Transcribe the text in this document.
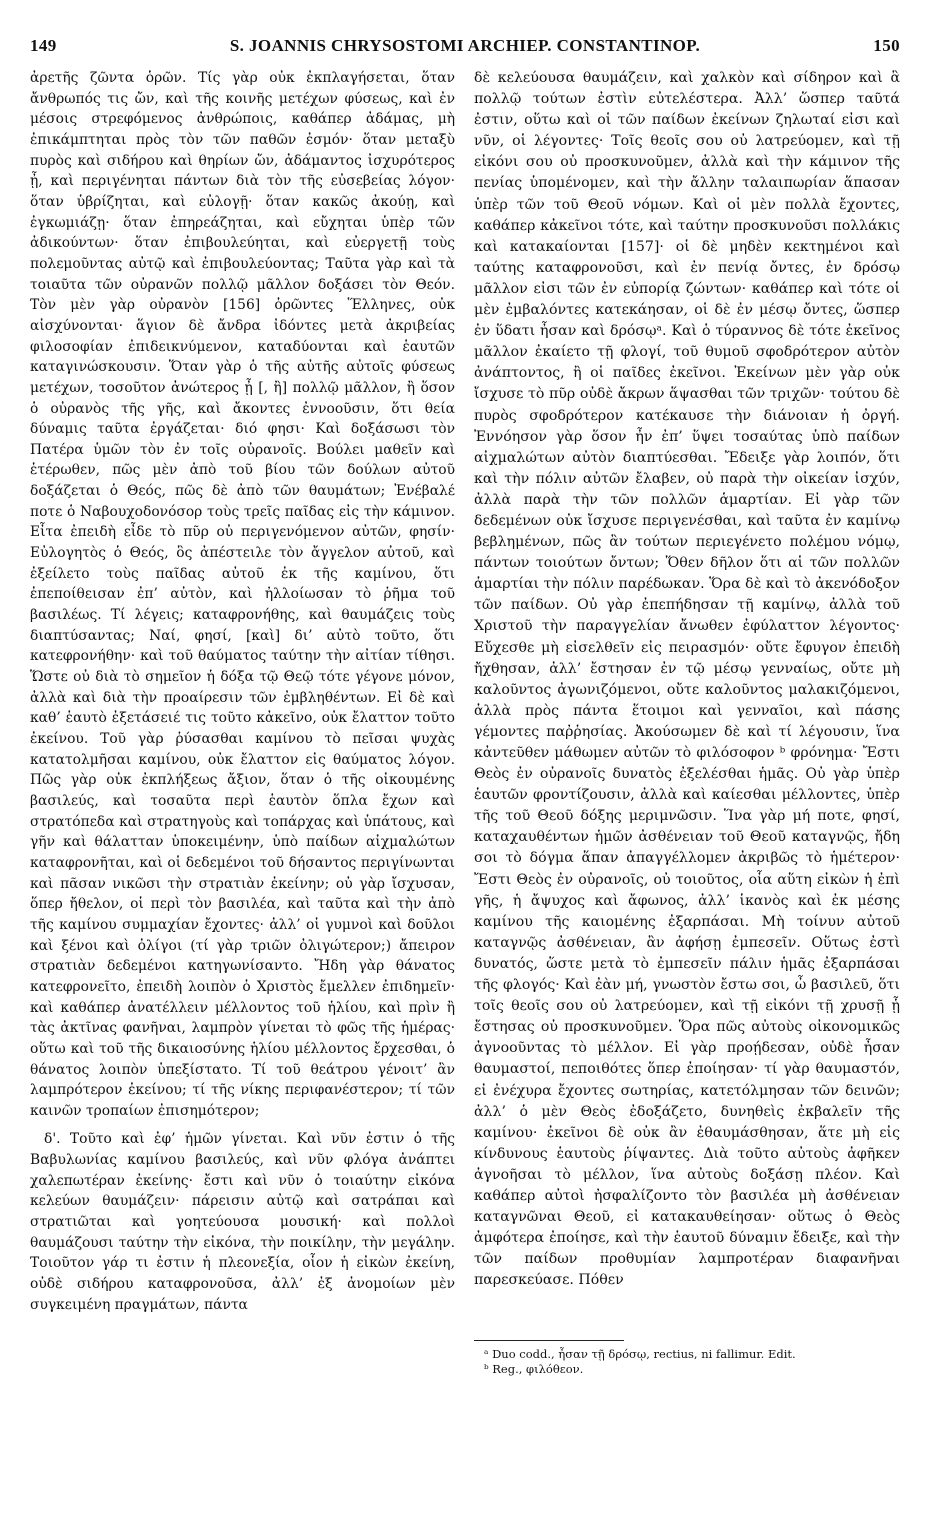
149	S. JOANNIS CHRYSOSTOMI ARCHIEP. CONSTANTINOP.	150

ἀρετῆς ζῶντα ὁρῶν. Τίς γὰρ οὐκ ἐκπλαγήσεται, ὅταν ἄνθρωπός τις ὤν, καὶ τῆς κοινῆς μετέχων φύσεως, καὶ ἐν μέσοις στρεφόμενος ἀνθρώποις, καθάπερ ἀδάμας, μὴ ἐπικάμπτηται πρὸς τὸν τῶν παθῶν ἐσμόν· ὅταν μεταξὺ πυρὸς καὶ σιδήρου καὶ θηρίων ὤν, ἀδάμαντος ἰσχυρότερος ᾖ, καὶ περιγένηται πάντων διὰ τὸν τῆς εὐσεβείας λόγον· ὅταν ὑβρίζηται, καὶ εὐλογῇ· ὅταν κακῶς ἀκούῃ, καὶ ἐγκωμιάζῃ· ὅταν ἐπηρεάζηται, καὶ εὔχηται ὑπὲρ τῶν ἀδικούντων· ὅταν ἐπιβουλεύηται, καὶ εὐεργετῇ τοὺς πολεμοῦντας αὐτῷ καὶ ἐπιβουλεύοντας; Ταῦτα γὰρ καὶ τὰ τοιαῦτα τῶν οὐρανῶν πολλῷ μᾶλλον δοξάσει τὸν Θεόν. Τὸν μὲν γὰρ οὐρανὸν [156] ὁρῶντες Ἕλληνες, οὐκ αἰσχύνονται· ἅγιον δὲ ἄνδρα ἰδόντες μετὰ ἀκριβείας φιλοσοφίαν ἐπιδεικνύμενον, καταδύονται καὶ ἑαυτῶν καταγινώσκουσιν. Ὅταν γὰρ ὁ τῆς αὐτῆς αὐτοῖς φύσεως μετέχων, τοσοῦτον ἀνώτερος ᾖ [, ἢ] πολλῷ μᾶλλον, ἢ ὅσον ὁ οὐρανὸς τῆς γῆς, καὶ ἄκοντες ἐννοοῦσιν, ὅτι θεία δύναμις ταῦτα ἐργάζεται· διό φησι· Καὶ δοξάσωσι τὸν Πατέρα ὑμῶν τὸν ἐν τοῖς οὐρανοῖς. Βούλει μαθεῖν καὶ ἑτέρωθεν, πῶς μὲν ἀπὸ τοῦ βίου τῶν δούλων αὐτοῦ δοξάζεται ὁ Θεός, πῶς δὲ ἀπὸ τῶν θαυμάτων; Ἐνέβαλέ ποτε ὁ Ναβουχοδονόσορ τοὺς τρεῖς παῖδας εἰς τὴν κάμινον. Εἶτα ἐπειδὴ εἶδε τὸ πῦρ οὐ περιγενόμενον αὐτῶν, φησίν· Εὐλογητὸς ὁ Θεός, ὃς ἀπέστειλε τὸν ἄγγελον αὐτοῦ, καὶ ἐξείλετο τοὺς παῖδας αὐτοῦ ἐκ τῆς καμίνου, ὅτι ἐπεποίθεισαν ἐπ’ αὐτὸν, καὶ ἠλλοίωσαν τὸ ῥῆμα τοῦ βασιλέως. Τί λέγεις; καταφρονήθης, καὶ θαυμάζεις τοὺς διαπτύσαντας; Ναί, φησί, [καὶ] δι’ αὐτὸ τοῦτο, ὅτι κατεφρονήθην· καὶ τοῦ θαύματος ταύτην τὴν αἰτίαν τίθησι. Ὥστε οὐ διὰ τὸ σημεῖον ἡ δόξα τῷ Θεῷ τότε γέγονε μόνον, ἀλλὰ καὶ διὰ τὴν προαίρεσιν τῶν ἐμβληθέντων. Εἰ δὲ καὶ καθ’ ἑαυτὸ ἐξετάσειέ τις τοῦτο κἀκεῖνο, οὐκ ἔλαττον τοῦτο ἐκείνου. Τοῦ γὰρ ῥύσασθαι καμίνου τὸ πεῖσαι ψυχὰς κατατολμῆσαι καμίνου, οὐκ ἔλαττον εἰς θαύματος λόγον. Πῶς γὰρ οὐκ ἐκπλήξεως ἄξιον, ὅταν ὁ τῆς οἰκουμένης βασιλεύς, καὶ τοσαῦτα περὶ ἑαυτὸν ὅπλα ἔχων καὶ στρατόπεδα καὶ στρατηγοὺς καὶ τοπάρχας καὶ ὑπάτους, καὶ γῆν καὶ θάλατταν ὑποκειμένην, ὑπὸ παίδων αἰχμαλώτων καταφρονῆται, καὶ οἱ δεδεμένοι τοῦ δήσαντος περιγίνωνται καὶ πᾶσαν νικῶσι τὴν στρατιὰν ἐκείνην; οὐ γὰρ ἴσχυσαν, ὅπερ ἤθελον, οἱ περὶ τὸν βασιλέα, καὶ ταῦτα καὶ τὴν ἀπὸ τῆς καμίνου συμμαχίαν ἔχοντες· ἀλλ’ οἱ γυμνοὶ καὶ δοῦλοι καὶ ξένοι καὶ ὀλίγοι (τί γὰρ τριῶν ὀλιγώτερον;) ἄπειρον στρατιὰν δεδεμένοι κατηγωνίσαντο. Ἤδη γὰρ θάνατος κατεφρονεῖτο, ἐπειδὴ λοιπὸν ὁ Χριστὸς ἔμελλεν ἐπιδημεῖν· καὶ καθάπερ ἀνατέλλειν μέλλοντος τοῦ ἡλίου, καὶ πρὶν ἢ τὰς ἀκτῖνας φανῆναι, λαμπρὸν γίνεται τὸ φῶς τῆς ἡμέρας· οὕτω καὶ τοῦ τῆς δικαιοσύνης ἡλίου μέλλοντος ἔρχεσθαι, ὁ θάνατος λοιπὸν ὑπεξίστατο. Τί τοῦ θεάτρου γένοιτ’ ἂν λαμπρότερον ἐκείνου; τί τῆς νίκης περιφανέστερον; τί τῶν καινῶν τροπαίων ἐπισημότερον;

δ'. Τοῦτο καὶ ἐφ’ ἡμῶν γίνεται. Καὶ νῦν ἐστιν ὁ τῆς Βαβυλωνίας καμίνου βασιλεύς, καὶ νῦν φλόγα ἀνάπτει χαλεπωτέραν ἐκείνης· ἔστι καὶ νῦν ὁ τοιαύτην εἰκόνα κελεύων θαυμάζειν· πάρεισιν αὐτῷ καὶ σατράπαι καὶ στρατιῶται καὶ γοητεύουσα μουσική· καὶ πολλοὶ θαυμάζουσι ταύτην τὴν εἰκόνα, τὴν ποικίλην, τὴν μεγάλην. Τοιοῦτον γάρ τι ἐστιν ἡ πλεονεξία, οἷον ἡ εἰκὼν ἐκείνη, οὐδὲ σιδήρου καταφρονοῦσα, ἀλλ’ ἐξ ἀνομοίων μὲν συγκειμένη πραγμάτων, πάντα

δὲ κελεύουσα θαυμάζειν, καὶ χαλκὸν καὶ σίδηρον καὶ ἃ πολλῷ τούτων ἐστὶν εὐτελέστερα. Ἀλλ’ ὥσπερ ταῦτά ἐστιν, οὕτω καὶ οἱ τῶν παίδων ἐκείνων ζηλωταί εἰσι καὶ νῦν, οἱ λέγοντες· Τοῖς θεοῖς σου οὐ λατρεύομεν, καὶ τῇ εἰκόνι σου οὐ προσκυνοῦμεν, ἀλλὰ καὶ τὴν κάμινον τῆς πενίας ὑπομένομεν, καὶ τὴν ἄλλην ταλαιπωρίαν ἅπασαν ὑπὲρ τῶν τοῦ Θεοῦ νόμων. Καὶ οἱ μὲν πολλὰ ἔχοντες, καθάπερ κἀκεῖνοι τότε, καὶ ταύτην προσκυνοῦσι πολλάκις καὶ κατακαίονται [157]· οἱ δὲ μηδὲν κεκτημένοι καὶ ταύτης καταφρονοῦσι, καὶ ἐν πενίᾳ ὄντες, ἐν δρόσῳ μᾶλλον εἰσι τῶν ἐν εὐπορίᾳ ζώντων· καθάπερ καὶ τότε οἱ μὲν ἐμβαλόντες κατεκάησαν, οἱ δὲ ἐν μέσῳ ὄντες, ὥσπερ ἐν ὕδατι ἦσαν καὶ δρόσῳᵃ. Καὶ ὁ τύραννος δὲ τότε ἐκεῖνος μᾶλλον ἐκαίετο τῇ φλογί, τοῦ θυμοῦ σφοδρότερον αὐτὸν ἀνάπτοντος, ἢ οἱ παῖδες ἐκεῖνοι. Ἐκείνων μὲν γὰρ οὐκ ἴσχυσε τὸ πῦρ οὐδὲ ἄκρων ἅψασθαι τῶν τριχῶν· τούτου δὲ πυρὸς σφοδρότερον κατέκαυσε τὴν διάνοιαν ἡ ὀργή. Ἐννόησον γὰρ ὅσον ἦν ἐπ’ ὕψει τοσαύτας ὑπὸ παίδων αἰχμαλώτων αὐτὸν διαπτύεσθαι. Ἔδειξε γὰρ λοιπόν, ὅτι καὶ τὴν πόλιν αὐτῶν ἔλαβεν, οὐ παρὰ τὴν οἰκείαν ἰσχύν, ἀλλὰ παρὰ τὴν τῶν πολλῶν ἁμαρτίαν. Εἰ γὰρ τῶν δεδεμένων οὐκ ἴσχυσε περιγενέσθαι, καὶ ταῦτα ἐν καμίνῳ βεβλημένων, πῶς ἂν τούτων περιεγένετο πολέμου νόμῳ, πάντων τοιούτων ὄντων; Ὅθεν δῆλον ὅτι αἱ τῶν πολλῶν ἁμαρτίαι τὴν πόλιν παρέδωκαν. Ὅρα δὲ καὶ τὸ ἀκενόδοξον τῶν παίδων. Οὐ γὰρ ἐπεπήδησαν τῇ καμίνῳ, ἀλλὰ τοῦ Χριστοῦ τὴν παραγγελίαν ἄνωθεν ἐφύλαττον λέγοντος· Εὔχεσθε μὴ εἰσελθεῖν εἰς πειρασμόν· οὔτε ἔφυγον ἐπειδὴ ἤχθησαν, ἀλλ’ ἔστησαν ἐν τῷ μέσῳ γενναίως, οὔτε μὴ καλοῦντος ἀγωνιζόμενοι, οὔτε καλοῦντος μαλακιζόμενοι, ἀλλὰ πρὸς πάντα ἕτοιμοι καὶ γενναῖοι, καὶ πάσης γέμοντες παῤῥησίας. Ἀκούσωμεν δὲ καὶ τί λέγουσιν, ἵνα κἀντεῦθεν μάθωμεν αὐτῶν τὸ φιλόσοφον ᵇ φρόνημα· Ἔστι Θεὸς ἐν οὐρανοῖς δυνατὸς ἐξελέσθαι ἡμᾶς. Οὐ γὰρ ὑπὲρ ἑαυτῶν φροντίζουσιν, ἀλλὰ καὶ καίεσθαι μέλλοντες, ὑπὲρ τῆς τοῦ Θεοῦ δόξης μεριμνῶσιν. Ἵνα γὰρ μή ποτε, φησί, καταχαυθέντων ἡμῶν ἀσθένειαν τοῦ Θεοῦ καταγνῷς, ἤδη σοι τὸ δόγμα ἅπαν ἀπαγγέλλομεν ἀκριβῶς τὸ ἡμέτερον· Ἔστι Θεὸς ἐν οὐρανοῖς, οὐ τοιοῦτος, οἷα αὕτη εἰκὼν ἡ ἐπὶ γῆς, ἡ ἄψυχος καὶ ἄφωνος, ἀλλ’ ἱκανὸς καὶ ἐκ μέσης καμίνου τῆς καιομένης ἐξαρπάσαι. Μὴ τοίνυν αὐτοῦ καταγνῷς ἀσθένειαν, ἂν ἀφήσῃ ἐμπεσεῖν. Οὕτως ἐστὶ δυνατός, ὥστε μετὰ τὸ ἐμπεσεῖν πάλιν ἡμᾶς ἐξαρπάσαι τῆς φλογός· Καὶ ἐὰν μή, γνωστὸν ἔστω σοι, ὦ βασιλεῦ, ὅτι τοῖς θεοῖς σου οὐ λατρεύομεν, καὶ τῇ εἰκόνι τῇ χρυσῇ ᾗ ἔστησας οὐ προσκυνοῦμεν. Ὅρα πῶς αὐτοὺς οἰκονομικῶς ἀγνοοῦντας τὸ μέλλον. Εἰ γὰρ προῄδεσαν, οὐδὲ ἦσαν θαυμαστοί, πεποιθότες ὅπερ ἐποίησαν· τί γὰρ θαυμαστόν, εἰ ἐνέχυρα ἔχοντες σωτηρίας, κατετόλμησαν τῶν δεινῶν; ἀλλ’ ὁ μὲν Θεὸς ἐδοξάζετο, δυνηθεὶς ἐκβαλεῖν τῆς καμίνου· ἐκεῖνοι δὲ οὐκ ἂν ἐθαυμάσθησαν, ἅτε μὴ εἰς κίνδυνους ἑαυτοὺς ῥίψαντες. Διὰ τοῦτο αὐτοὺς ἀφῆκεν ἀγνοῆσαι τὸ μέλλον, ἵνα αὐτοὺς δοξάσῃ πλέον. Καὶ καθάπερ αὐτοὶ ἠσφαλίζοντο τὸν βασιλέα μὴ ἀσθένειαν καταγνῶναι Θεοῦ, εἰ κατακαυθείησαν· οὕτως ὁ Θεὸς ἀμφότερα ἐποίησε, καὶ τὴν ἑαυτοῦ δύναμιν ἔδειξε, καὶ τὴν τῶν παίδων προθυμίαν λαμπροτέραν διαφανῆναι παρεσκεύασε. Πόθεν

ᵃ Duo codd., ἦσαν τῇ δρόσῳ, rectius, ni fallimur. Edit.

ᵇ Reg., φιλόθεον.
